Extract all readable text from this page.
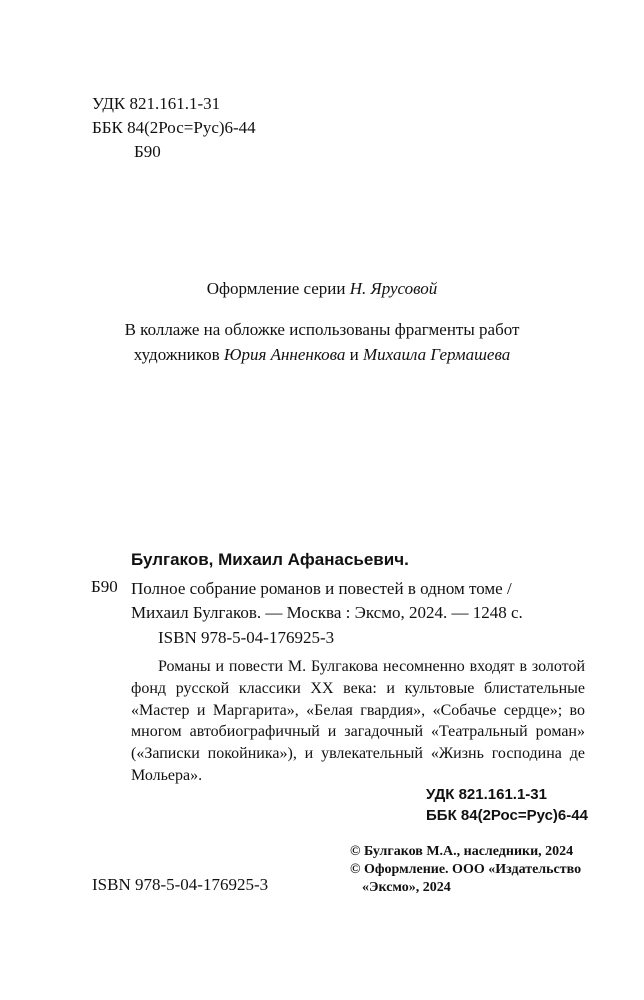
УДК 821.161.1-31
ББК 84(2Рос=Рус)6-44
Б90
Оформление серии Н. Ярусовой
В коллаже на обложке использованы фрагменты работ
художников Юрия Анненкова и Михаила Гермашева
Булгаков, Михаил Афанасьевич.
Б90 Полное собрание романов и повестей в одном томе /
Михаил Булгаков. — Москва : Эксмо, 2024. — 1248 с.
ISBN 978-5-04-176925-3
Романы и повести М. Булгакова несомненно входят в золотой фонд русской классики XX века: и культовые блистательные «Мастер и Маргарита», «Белая гвардия», «Собачье сердце»; во многом автобиографичный и загадочный «Театральный роман» («Записки покойника»), и увлекательный «Жизнь господина де Мольера».
УДК 821.161.1-31
ББК 84(2Рос=Рус)6-44
© Булгаков М.А., наследники, 2024
© Оформление. ООО «Издательство
«Эксмо», 2024
ISBN 978-5-04-176925-3
